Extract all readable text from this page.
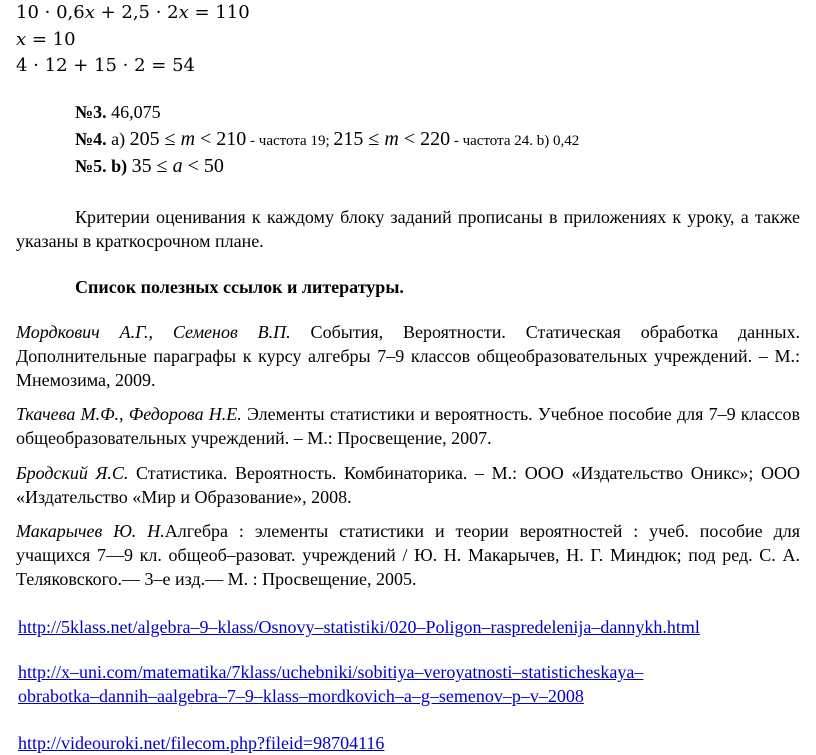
10 · 0,6x + 2,5 · 2x = 110
x = 10
4 · 12 + 15 · 2 = 54
№3. 46,075
№4. а) 205 ≤ m < 210 - частота 19; 215 ≤ m < 220 - частота 24. b) 0,42
№5. b) 35 ≤ a < 50
Критерии оценивания к каждому блоку заданий прописаны в приложениях к уроку, а также указаны в краткосрочном плане.
Список полезных ссылок и литературы.
Мордкович А.Г., Семенов В.П. События, Вероятности. Статическая обработка данных. Дополнительные параграфы к курсу алгебры 7–9 классов общеобразовательных учреждений. – М.: Мнемозима, 2009.
Ткачева М.Ф., Федорова Н.Е. Элементы статистики и вероятность. Учебное пособие для 7–9 классов общеобразовательных учреждений. – М.: Просвещение, 2007.
Бродский Я.С. Статистика. Вероятность. Комбинаторика. – М.: ООО «Издательство Оникс»; ООО «Издательство «Мир и Образование», 2008.
Макарычев Ю. Н.Алгебра : элементы статистики и теории вероятностей : учеб. пособие для учащихся 7—9 кл. общеоб–разоват. учреждений / Ю. Н. Макарычев, Н. Г. Миндюк; под ред. С. А. Теляковского.— 3–е изд.— М. : Просвещение, 2005.
http://5klass.net/algebra–9–klass/Osnovy–statistiki/020–Poligon–raspredelenija–dannykh.html
http://x–uni.com/matematika/7klass/uchebniki/sobitiya–veroyatnosti–statisticheskaya–
obrabotka–dannih–aalgebra–7–9–klass–mordkovich–a–g–semenov–p–v–2008
http://videouroki.net/filecom.php?fileid=98704116
